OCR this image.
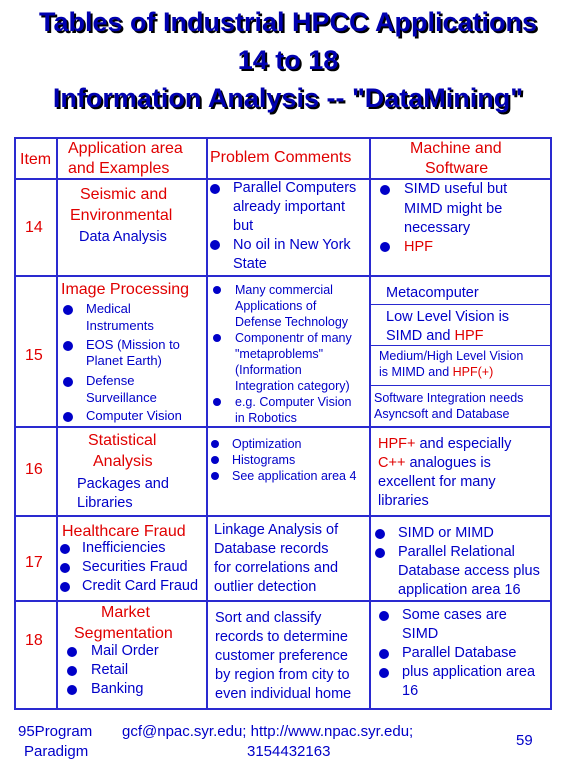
Tables of Industrial HPCC Applications
14 to 18
Information Analysis -- "DataMining"
Item
Application area
and Examples
Problem Comments
Machine and
Software
14
Seismic and
Environmental
Data Analysis
Parallel Computers
already important
but
No oil in New York
State
SIMD useful but
MIMD might be
necessary
HPF
15
Image Processing
Medical
Instruments
EOS (Mission to
Planet Earth)
Defense
Surveillance
Computer Vision
Many commercial
Applications of
Defense Technology
Componentr of many
"metaproblems"
(Information
Integration category)
e.g. Computer Vision
in Robotics
Metacomputer
Low Level Vision is
SIMD and HPF
Medium/High Level Vision
is MIMD and HPF(+)
Software Integration needs
Asyncsoft and Database
16
Statistical
Analysis
Packages and
Libraries
Optimization
Histograms
See application area 4
HPF+ and especially
C++ analogues is
excellent for many
libraries
17
Healthcare Fraud
Inefficiencies
Securities Fraud
Credit Card Fraud
Linkage Analysis of
Database records
for correlations and
outlier detection
SIMD or MIMD
Parallel Relational
Database access plus
application area 16
18
Market
Segmentation
Mail Order
Retail
Banking
Sort and classify
records to determine
customer preference
by region from city to
even individual home
Some cases are
SIMD
Parallel Database
plus application area
16
95Program
Paradigm
gcf@npac.syr.edu; http://www.npac.syr.edu;
3154432163
59
